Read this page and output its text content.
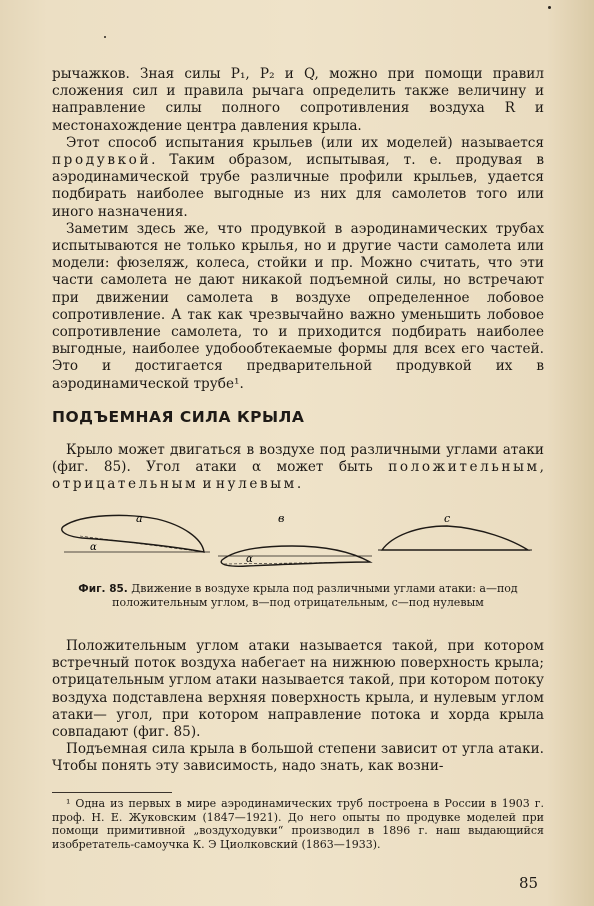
рычажков. Зная силы P₁, P₂ и Q, можно при помощи правил сложения сил и правила рычага определить также величину и направление силы полного сопротивления воздуха R и местонахождение центра давления крыла.

Этот способ испытания крыльев (или их моделей) называется продувкой. Таким образом, испытывая, т. е. продувая в аэродинамической трубе различные профили крыльев, удается подбирать наиболее выгодные из них для самолетов того или иного назначения.

Заметим здесь же, что продувкой в аэродинамических трубах испытываются не только крылья, но и другие части самолета или модели: фюзеляж, колеса, стойки и пр. Можно считать, что эти части самолета не дают никакой подъемной силы, но встречают при движении самолета в воздухе определенное лобовое сопротивление. А так как чрезвычайно важно уменьшить лобовое сопротивление самолета, то и приходится подбирать наиболее выгодные, наиболее удобообтекаемые формы для всех его частей. Это и достигается предварительной продувкой их в аэродинамической трубе¹.

ПОДЪЕМНАЯ СИЛА КРЫЛА

Крыло может двигаться в воздухе под различными углами атаки (фиг. 85). Угол атаки α может быть положительным, отрицательным и нулевым.

α
a
α
в	c
Фиг. 85. Движение в воздухе крыла под различными углами атаки: а—под положительным углом, в—под отрицательным, с—под нулевым

Положительным углом атаки называется такой, при котором встречный поток воздуха набегает на нижнюю поверхность крыла; отрицательным углом атаки называется такой, при котором потоку воздуха подставлена верхняя поверхность крыла, и нулевым углом атаки— угол, при котором направление потока и хорда крыла совпадают (фиг. 85).

Подъемная сила крыла в большой степени зависит от угла атаки. Чтобы понять эту зависимость, надо знать, как возни-

¹ Одна из первых в мире аэродинамических труб построена в России в 1903 г. проф. Н. Е. Жуковским (1847—1921). До него опыты по продувке моделей при помощи примитивной „воздуходувки“ производил в 1896 г. наш выдающийся изобретатель-самоучка К. Э Циолковский (1863—1933).

85
